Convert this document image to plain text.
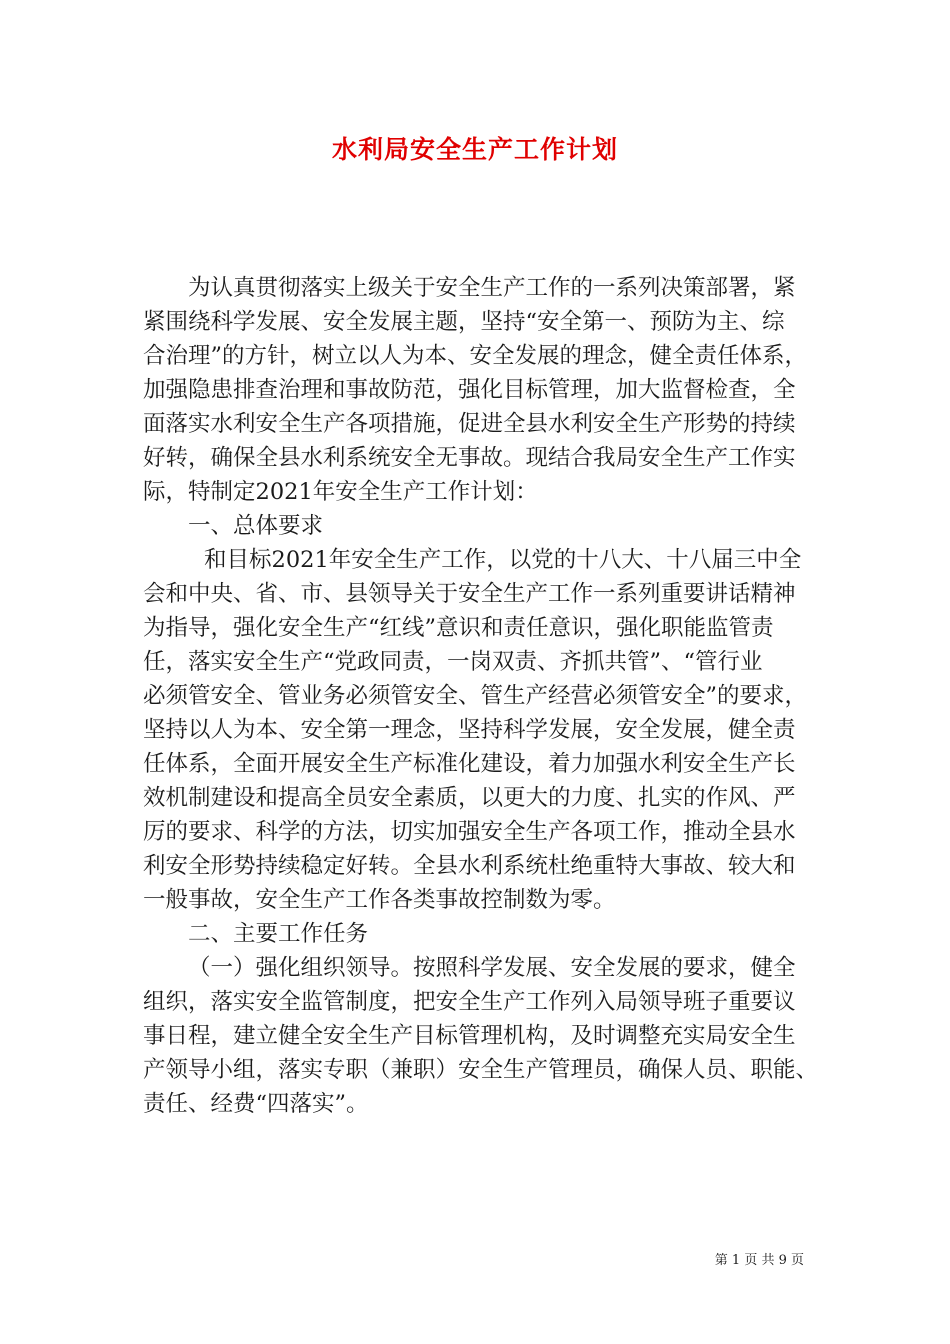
水利局安全生产工作计划

为认真贯彻落实上级关于安全生产工作的一系列决策部署，紧

紧围绕科学发展、安全发展主题，坚持“安全第一、预防为主、综

合治理”的方针，树立以人为本、安全发展的理念，健全责任体系，

加强隐患排查治理和事故防范，强化目标管理，加大监督检查，全

面落实水利安全生产各项措施，促进全县水利安全生产形势的持续

好转，确保全县水利系统安全无事故。现结合我局安全生产工作实

际，特制定2021年安全生产工作计划：

一、总体要求

和目标2021年安全生产工作，以党的十八大、十八届三中全

会和中央、省、市、县领导关于安全生产工作一系列重要讲话精神

为指导，强化安全生产“红线”意识和责任意识，强化职能监管责

任，落实安全生产“党政同责，一岗双责、齐抓共管”、“管行业

必须管安全、管业务必须管安全、管生产经营必须管安全”的要求，

坚持以人为本、安全第一理念，坚持科学发展，安全发展，健全责

任体系，全面开展安全生产标准化建设，着力加强水利安全生产长

效机制建设和提高全员安全素质，以更大的力度、扎实的作风、严

厉的要求、科学的方法，切实加强安全生产各项工作，推动全县水

利安全形势持续稳定好转。全县水利系统杜绝重特大事故、较大和

一般事故，安全生产工作各类事故控制数为零。

二、主要工作任务

（一）强化组织领导。按照科学发展、安全发展的要求，健全

组织，落实安全监管制度，把安全生产工作列入局领导班子重要议

事日程，建立健全安全生产目标管理机构，及时调整充实局安全生

产领导小组，落实专职（兼职）安全生产管理员，确保人员、职能、

责任、经费“四落实”。

第 1 页 共 9 页
